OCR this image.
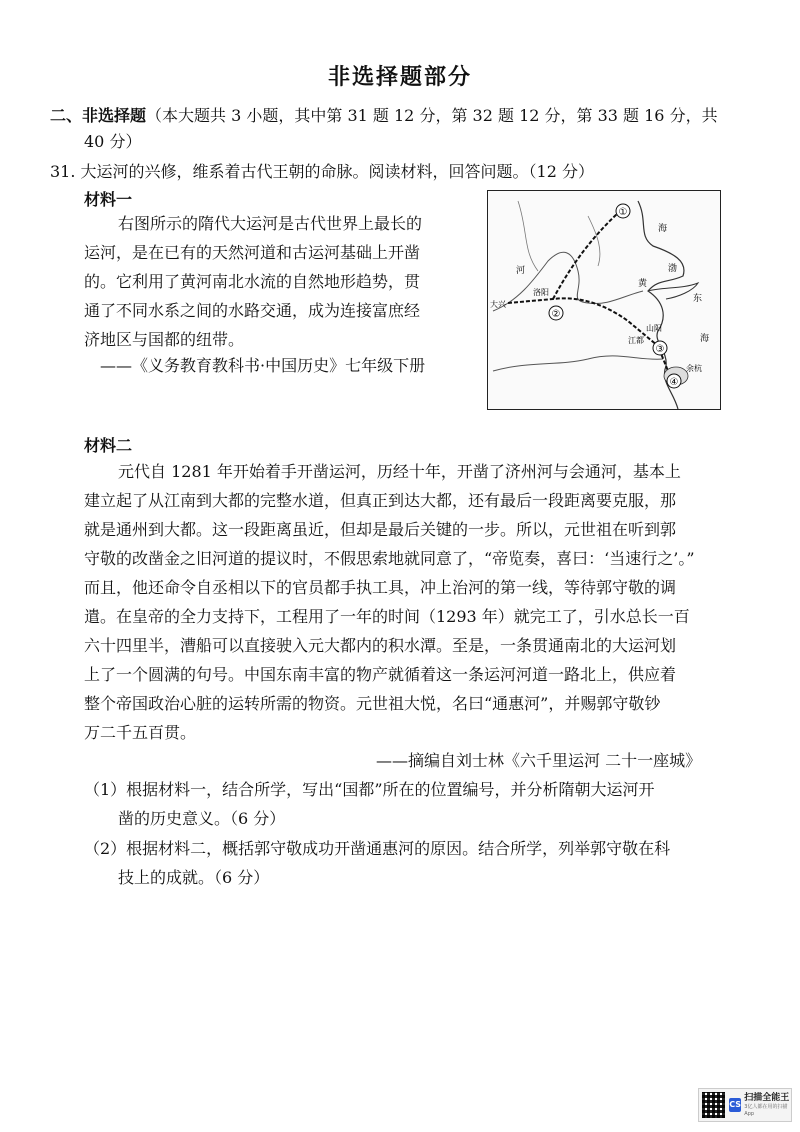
非选择题部分
二、非选择题（本大题共 3 小题，其中第 31 题 12 分，第 32 题 12 分，第 33 题 16 分，共
40 分）
31. 大运河的兴修，维系着古代王朝的命脉。阅读材料，回答问题。（12 分）
材料一
右图所示的隋代大运河是古代世界上最长的
运河，是在已有的天然河道和古运河基础上开凿
的。它利用了黄河南北水流的自然地形趋势，贯
通了不同水系之间的水路交通，成为连接富庶经
济地区与国都的纽带。
——《义务教育教科书·中国历史》七年级下册
①
②
③
④
河	渤
海
黄
东
大兴
洛阳
山阳
江都
余杭
海
材料二
元代自 1281 年开始着手开凿运河，历经十年，开凿了济州河与会通河，基本上
建立起了从江南到大都的完整水道，但真正到达大都，还有最后一段距离要克服，那
就是通州到大都。这一段距离虽近，但却是最后关键的一步。所以，元世祖在听到郭
守敬的改凿金之旧河道的提议时，不假思索地就同意了，“帝览奏，喜曰：‘当速行之’。”
而且，他还命令自丞相以下的官员都手执工具，冲上治河的第一线，等待郭守敬的调
遣。在皇帝的全力支持下，工程用了一年的时间（1293 年）就完工了，引水总长一百
六十四里半，漕船可以直接驶入元大都内的积水潭。至是，一条贯通南北的大运河划
上了一个圆满的句号。中国东南丰富的物产就循着这一条运河河道一路北上，供应着
整个帝国政治心脏的运转所需的物资。元世祖大悦，名曰“通惠河”，并赐郭守敬钞
万二千五百贯。
——摘编自刘士林《六千里运河 二十一座城》
（1）根据材料一，结合所学，写出“国都”所在的位置编号，并分析隋朝大运河开
凿的历史意义。（6 分）
（2）根据材料二，概括郭守敬成功开凿通惠河的原因。结合所学，列举郭守敬在科
技上的成就。（6 分）
CS
扫描全能王
3亿人都在用的扫描App
